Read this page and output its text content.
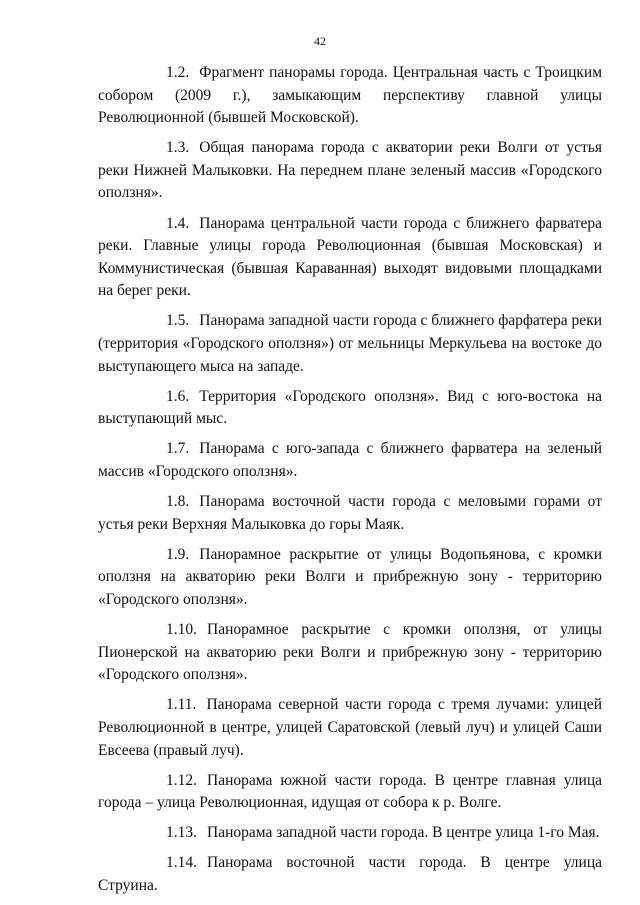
42

1.2. Фрагмент панорамы города. Центральная часть с Троицким собором (2009 г.), замыкающим перспективу главной улицы Революционной (бывшей Московской).

1.3. Общая панорама города с акватории реки Волги от устья реки Нижней Малыковки. На переднем плане зеленый массив «Городского оползня».

1.4. Панорама центральной части города с ближнего фарватера реки. Главные улицы города Революционная (бывшая Московская) и Коммунистическая (бывшая Караванная) выходят видовыми площадками на берег реки.

1.5. Панорама западной части города с ближнего фарфатера реки (территория «Городского оползня») от мельницы Меркульева на востоке до выступающего мыса на западе.

1.6. Территория «Городского оползня». Вид с юго-востока на выступающий мыс.

1.7. Панорама с юго-запада с ближнего фарватера на зеленый массив «Городского оползня».

1.8. Панорама восточной части города с меловыми горами от устья реки Верхняя Малыковка до горы Маяк.

1.9. Панорамное раскрытие от улицы Водопьянова, с кромки оползня на акваторию реки Волги и прибрежную зону - территорию «Городского оползня».

1.10. Панорамное раскрытие с кромки оползня, от улицы Пионерской на акваторию реки Волги и прибрежную зону - территорию «Городского оползня».

1.11. Панорама северной части города с тремя лучами: улицей Революционной в центре, улицей Саратовской (левый луч) и улицей Саши Евсеева (правый луч).

1.12. Панорама южной части города. В центре главная улица города – улица Революционная, идущая от собора к р. Волге.

1.13. Панорама западной части города. В центре улица 1-го Мая.

1.14. Панорама восточной части города. В центре улица Струина.
